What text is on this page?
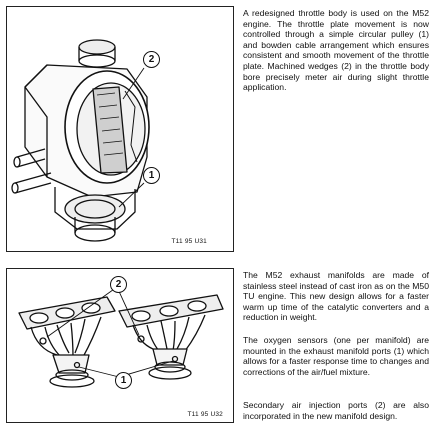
2
1
T11 95 U31
2
1
T11 95 U32

A redesigned throttle body is used on the M52 engine. The throttle plate movement is now controlled through a simple circular pulley (1) and bowden cable arrangement which ensures consistent and smooth movement of the throttle plate. Machined wedges (2) in the throttle body bore precisely meter air during slight throttle application.

The M52 exhaust manifolds are made of stainless steel instead of cast iron as on the M50 TU engine. This new design allows for a faster warm up time of the catalytic converters and a reduction in weight.

The oxygen sensors (one per manifold) are mounted in the exhaust manifold ports (1) which allows for a faster response time to changes and corrections of the air/fuel mixture.

Secondary air injection ports (2) are also incorporated in the new manifold design.
